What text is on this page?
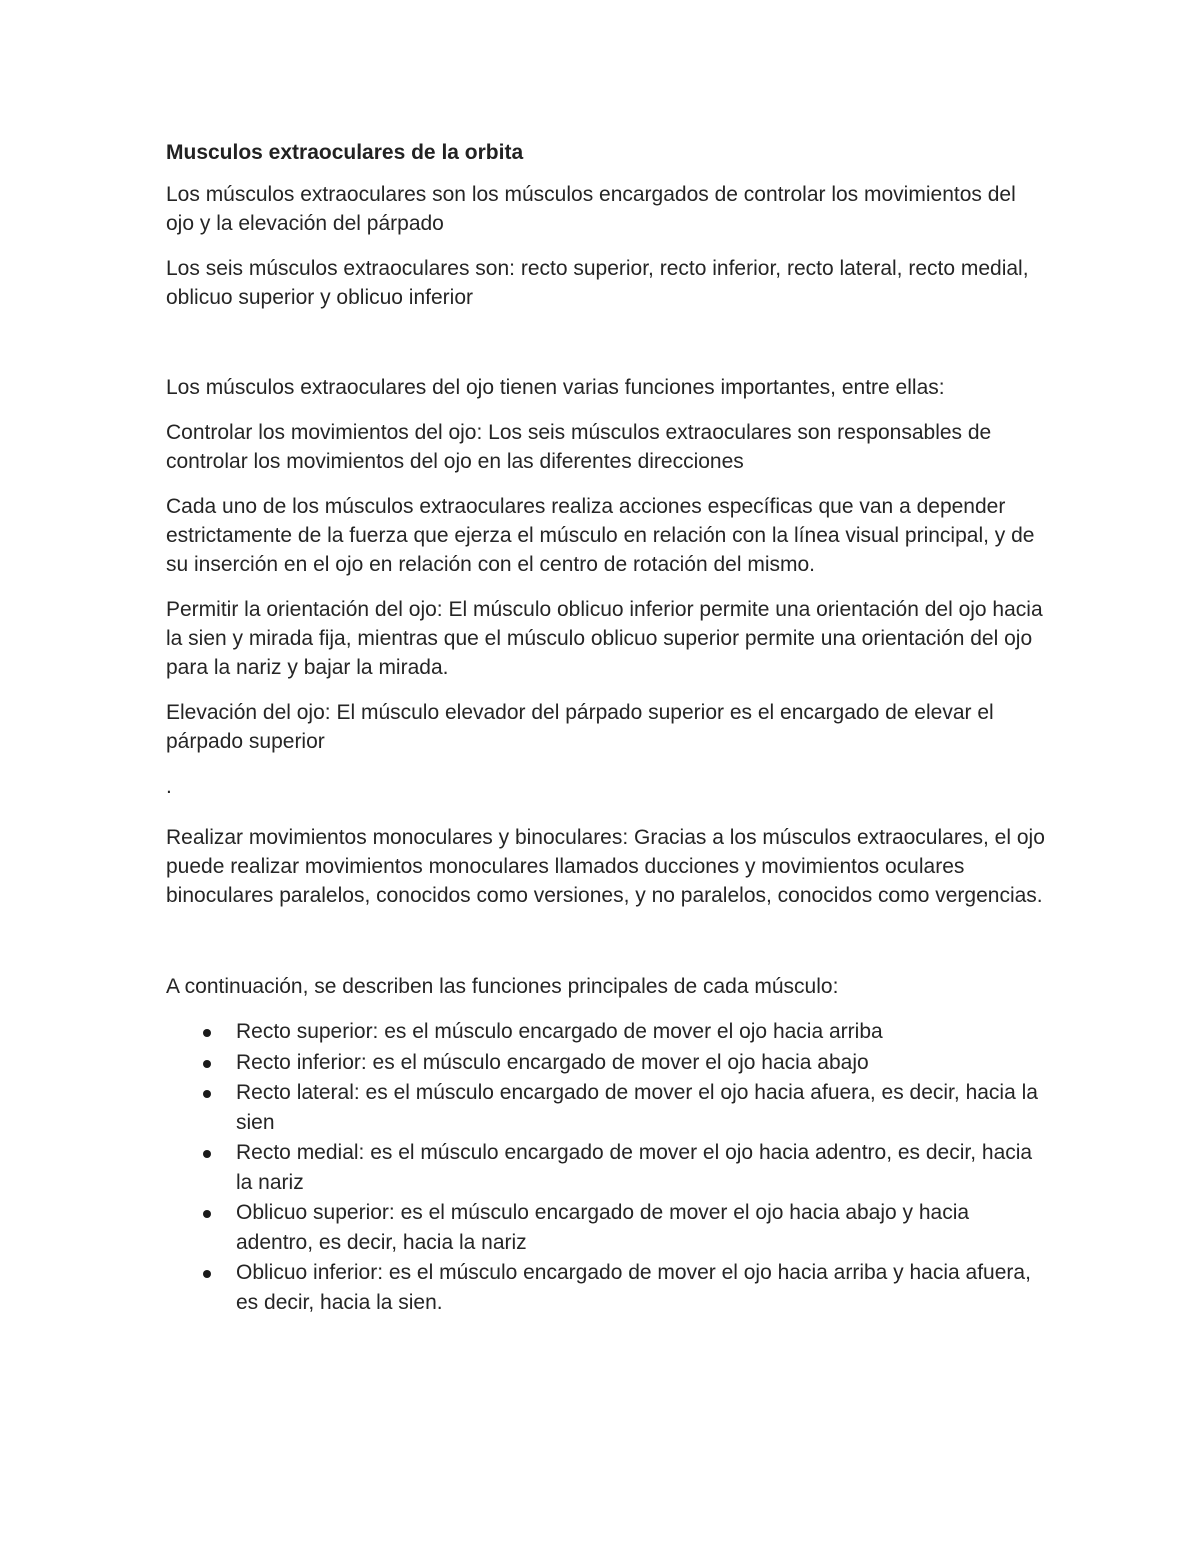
Musculos extraoculares de la orbita

Los músculos extraoculares son los músculos encargados de controlar los movimientos del ojo y la elevación del párpado

Los seis músculos extraoculares son: recto superior, recto inferior, recto lateral, recto medial, oblicuo superior y oblicuo inferior

Los músculos extraoculares del ojo tienen varias funciones importantes, entre ellas:

Controlar los movimientos del ojo: Los seis músculos extraoculares son responsables de controlar los movimientos del ojo en las diferentes direcciones

Cada uno de los músculos extraoculares realiza acciones específicas que van a depender estrictamente de la fuerza que ejerza el músculo en relación con la línea visual principal, y de su inserción en el ojo en relación con el centro de rotación del mismo.

Permitir la orientación del ojo: El músculo oblicuo inferior permite una orientación del ojo hacia la sien y mirada fija, mientras que el músculo oblicuo superior permite una orientación del ojo para la nariz y bajar la mirada.

Elevación del ojo: El músculo elevador del párpado superior es el encargado de elevar el párpado superior

.

Realizar movimientos monoculares y binoculares: Gracias a los músculos extraoculares, el ojo puede realizar movimientos monoculares llamados ducciones y movimientos oculares binoculares paralelos, conocidos como versiones, y no paralelos, conocidos como vergencias.

A continuación, se describen las funciones principales de cada músculo:

Recto superior: es el músculo encargado de mover el ojo hacia arriba
Recto inferior: es el músculo encargado de mover el ojo hacia abajo
Recto lateral: es el músculo encargado de mover el ojo hacia afuera, es decir, hacia la sien
Recto medial: es el músculo encargado de mover el ojo hacia adentro, es decir, hacia la nariz
Oblicuo superior: es el músculo encargado de mover el ojo hacia abajo y hacia adentro, es decir, hacia la nariz
Oblicuo inferior: es el músculo encargado de mover el ojo hacia arriba y hacia afuera, es decir, hacia la sien.
